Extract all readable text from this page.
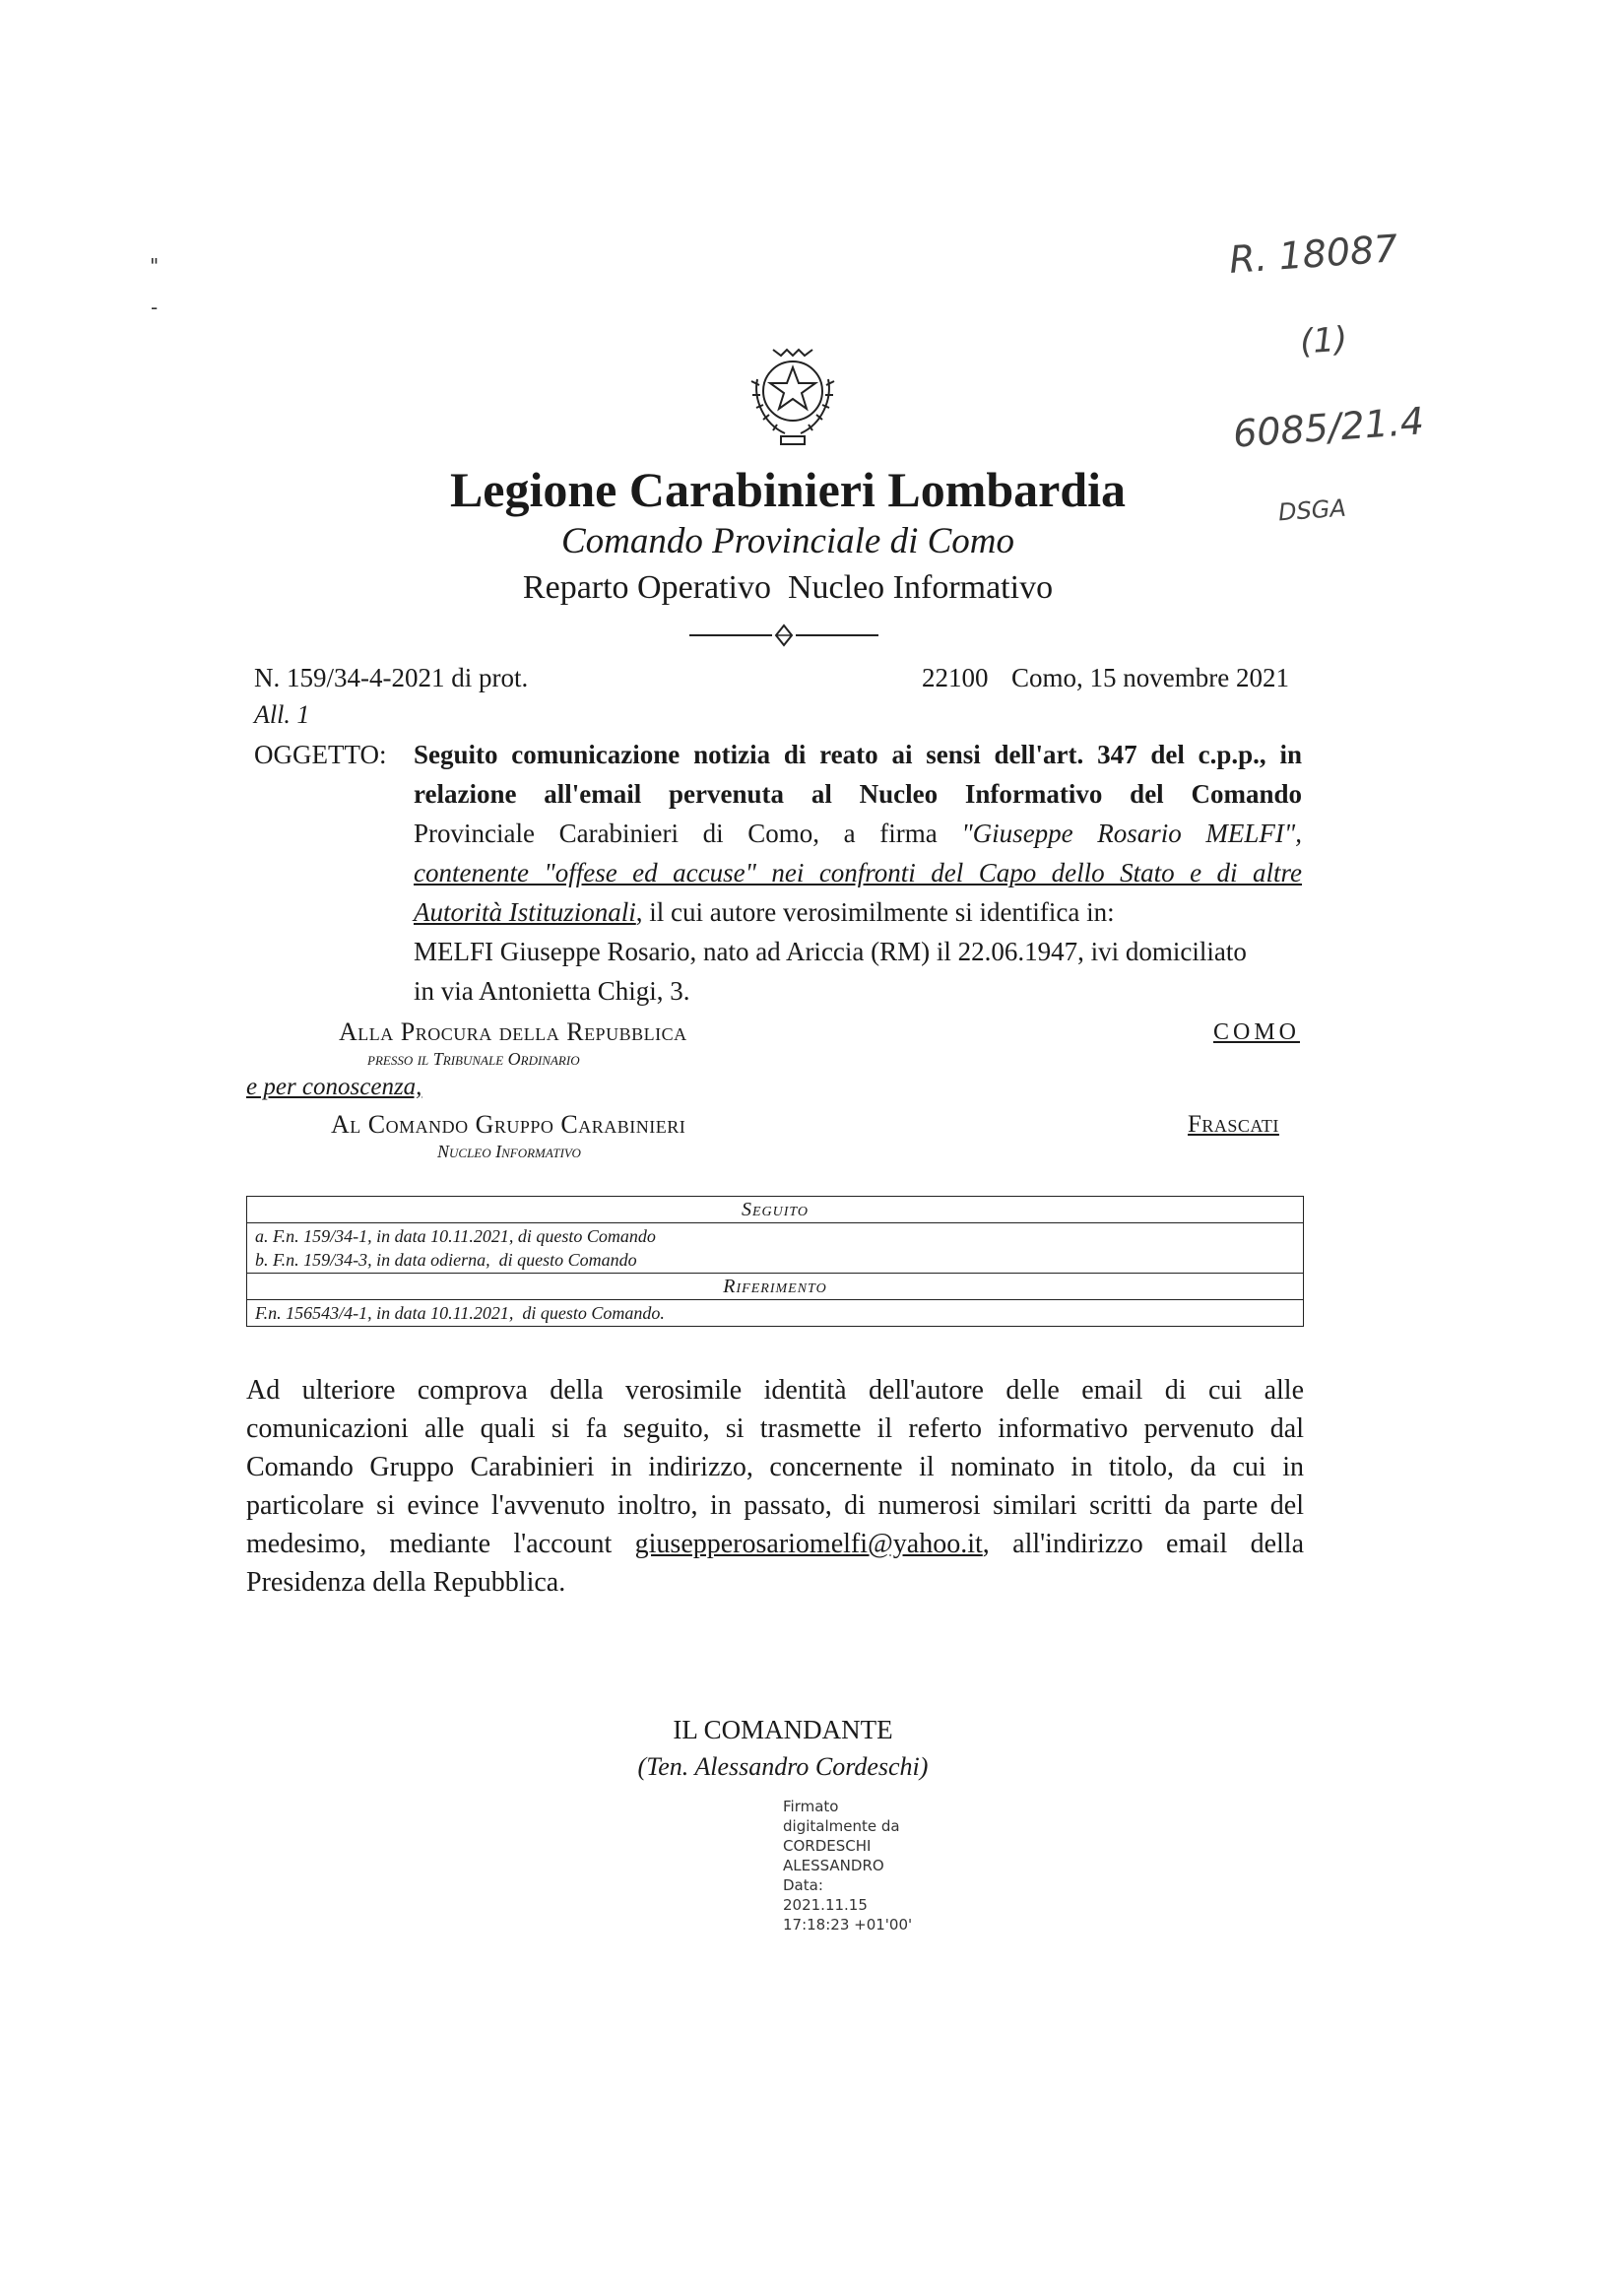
"
-
R. 18087
(1)
6085/21.4
DSGA
Legione Carabinieri Lombardia
Comando Provinciale di Como
Reparto Operativo  Nucleo Informativo
N. 159/34-4-2021 di prot.	22100 Como, 15 novembre 2021
All. 1
OGGETTO: Seguito comunicazione notizia di reato ai sensi dell'art. 347 del c.p.p., in
relazione all'email pervenuta al Nucleo Informativo del Comando
Provinciale Carabinieri di Como, a firma "Giuseppe Rosario MELFI",
contenente "offese ed accuse" nei confronti del Capo dello Stato e di altre
Autorità Istituzionali, il cui autore verosimilmente si identifica in:
MELFI Giuseppe Rosario, nato ad Ariccia (RM) il 22.06.1947, ivi domiciliato
in via Antonietta Chigi, 3.
Alla Procura della Repubblica
presso il Tribunale Ordinario
COMO
e per conoscenza,
Al Comando Gruppo Carabinieri
Nucleo Informativo
Frascati
Seguito

a. F.n. 159/34-1, in data 10.11.2021, di questo Comando
b. F.n. 159/34-3, in data odierna,  di questo Comando

Riferimento
F.n. 156543/4-1, in data 10.11.2021,  di questo Comando.
Ad ulteriore comprova della verosimile identità dell'autore delle email di cui alle
comunicazioni alle quali si fa seguito, si trasmette il referto informativo pervenuto dal
Comando Gruppo Carabinieri in indirizzo, concernente il nominato in titolo, da cui in
particolare si evince l'avvenuto inoltro, in passato, di numerosi similari scritti da parte del
medesimo, mediante l'account giusepperosariomelfi@yahoo.it, all'indirizzo email della
Presidenza della Repubblica.
IL COMANDANTE
(Ten. Alessandro Cordeschi)
Firmato
digitalmente da
CORDESCHI
ALESSANDRO
Data:
2021.11.15
17:18:23 +01'00'
